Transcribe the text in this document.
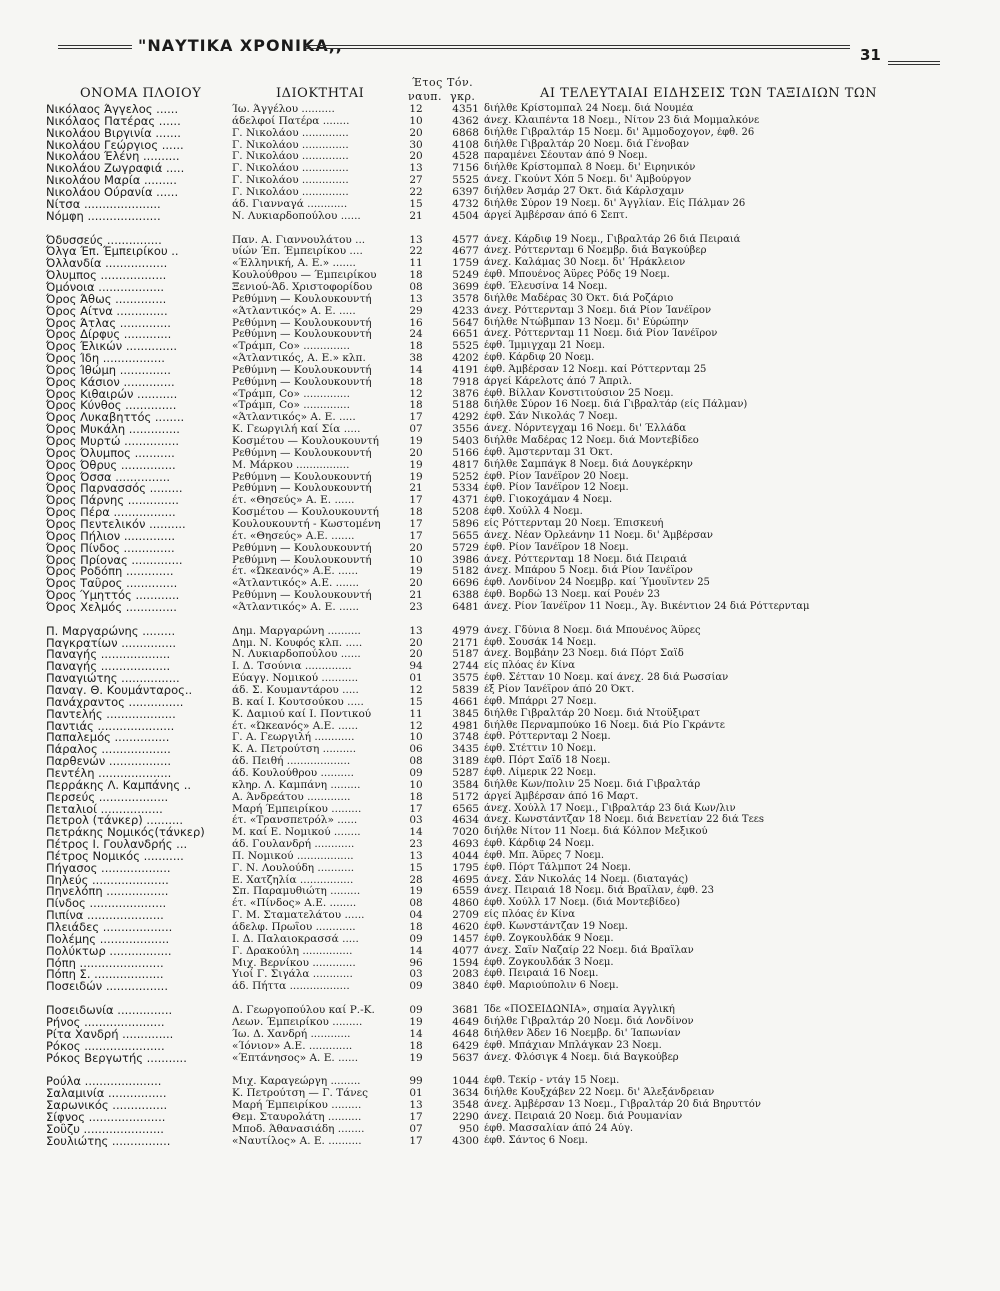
"ΝΑΥΤΙΚΑ ΧΡΟΝΙΚΑ,,	31
ΟΝΟΜΑ ΠΛΟΙΟΥ	ΙΔΙΟΚΤΗΤΑΙ
Έτος
ναυπ.
Τόν.
γκρ.	ΑΙ ΤΕΛΕΥΤΑΙΑΙ ΕΙΔΗΣΕΙΣ ΤΩΝ ΤΑΞΙΔΙΩΝ ΤΩΝ
Νικόλαος Άγγελος ......	Ίω. Άγγέλου ..........	12	4351 διήλθε Κρίστομπαλ 24 Νοεμ. διά Νουμέα
Νικόλαος Πατέρας ......	άδελφοί Πατέρα ........	10	4362 άνεχ. Κλαιπέντα 18 Νοεμ., Νίτον 23 διά Μομμαλκόνε
Νικολάου Βιργινία .......	Γ. Νικολάου ..............	20	6868 διήλθε Γιβραλτάρ 15 Νοεμ. δι' Άμμοδοχογον, έφθ. 26
Νικολάου Γεώργιος ......	Γ. Νικολάου ..............	30	4108 διήλθε Γιβραλτάρ 20 Νοεμ. διά Γένοβαν
Νικολάου Έλένη ..........	Γ. Νικολάου ..............	20	4528 παραμένει Σέουταν άπό 9 Νοεμ.
Νικολάου Ζωγραφιά .....	Γ. Νικολάου ..............	13	7156 διήλθε Κρίστομπαλ 8 Νοεμ. δι' Ειρηνικόν
Νικολάου Μαρία .........	Γ. Νικολάου ..............	27	5525 άνεχ. Γκούντ Χόπ 5 Νοεμ. δι' Άμβούργον
Νικολάου Ούρανία ......	Γ. Νικολάου ..............	22	6397 διήλθεν Άσμάρ 27 Όκτ. διά Κάρλσχαμν
Νίτσα .....................	άδ. Γιανναγά ............	15	4732 διήλθε Σύρον 19 Νοεμ. δι' Άγγλίαν. Είς Πάλμαν 26
Νόμφη ....................	Ν. Λυκιαρδοπούλου ......	21	4504 άργεί Άμβέρσαν άπό 6 Σεπτ.
Όδυσσεύς ...............	Παν. Α. Γιαννουλάτου ...	13	4577 άνεχ. Κάρδιφ 19 Νοεμ., Γιβραλτάρ 26 διά Πειραιά
Όλγα Έπ. Έμπειρίκου ..	υίών Έπ. Έμπειρίκου ....	22	4677 άνεχ. Ρόττερνταμ 6 Νοεμβρ. διά Βαγκούβερ
Όλλανδία .................	«Έλληνική, Α. Ε.» .......	11	1759 άνεχ. Καλάμας 30 Νοεμ. δι' Ήράκλειον
Όλυμπος ..................	Κουλούθρου — Έμπειρίκου	18	5249 έφθ. Μπουένος Άϋρες Ρόδς 19 Νοεμ.
Όμόνοια ..................	Ξενιού-Άδ. Χριστοφορίδου	08	3699 έφθ. Έλευσίνα 14 Νοεμ.
Όρος Άθως ..............	Ρεθύμνη — Κουλουκουντή	13	3578 διήλθε Μαδέρας 30 Όκτ. διά Ροζάριο
Όρος Αίτνα ..............	«Άτλαντικός» Α. Ε. .....	29	4233 άνεχ. Ρόττερνταμ 3 Νοεμ. διά Ρίον Ίανέϊρον
Όρος Άτλας ..............	Ρεθύμνη — Κουλουκουντή	16	5647 διήλθε Ντώβμπαν 13 Νοεμ. δι' Εύρώπην
Όρος Δίρφυς .............	Ρεθύμνη — Κουλουκουντή	24	6651 άνεχ. Ρόττερνταμ 11 Νοεμ. διά Ρίον Ίανέϊρον
Όρος Έλικών ..............	«Τράμπ, Co» ..............	18	5525 έφθ. Ίμμιγχαμ 21 Νοεμ.
Όρος Ίδη .................	«Άτλαντικός, Α. Ε.» κλπ.	38	4202 έφθ. Κάρδιφ 20 Νοεμ.
Όρος Ίθώμη ..............	Ρεθύμνη — Κουλουκουντή	14	4191 έφθ. Άμβέρσαν 12 Νοεμ. καί Ρόττερνταμ 25
Όρος Κάσιον ..............	Ρεθύμνη — Κουλουκουντή	18	7918 άργεί Κάρελοτς άπό 7 Άπριλ.
Όρος Κιθαιρών ...........	«Τράμπ, Co» ..............	12	3876 έφθ. Βίλλαν Κονστιτούσιον 25 Νοεμ.
Όρος Κύνθος ..............	«Τράμπ, Co» ..............	18	5188 διήλθε Σύρον 16 Νοεμ. διά Γιβραλτάρ (είς Πάλμαν)
Όρος Λυκαβηττός ........	«Άτλαντικός» Α. Ε. .....	17	4292 έφθ. Σάν Νικολάς 7 Νοεμ.
Όρος Μυκάλη ..............	Κ. Γεωργιλή καί Σία .....	07	3556 άνεχ. Νόρντεγχαμ 16 Νοεμ. δι' Έλλάδα
Όρος Μυρτώ ...............	Κοσμέτου — Κουλουκουντή	19	5403 διήλθε Μαδέρας 12 Νοεμ. διά Μοντεβίδεο
Όρος Όλυμπος ...........	Ρεθύμνη — Κουλουκουντή	20	5166 έφθ. Άμστερνταμ 31 Όκτ.
Όρος Όθρυς ...............	Μ. Μάρκου ................	19	4817 διήλθε Σαμπάγκ 8 Νοεμ. διά Δουγκέρκην
Όρος Όσσα ...............	Ρεθύμνη — Κουλουκουντή	19	5252 έφθ. Ρίον Ίανέϊρον 20 Νοεμ.
Όρος Παρνασσός .........	Ρεθύμνη — Κουλουκουντή	21	5334 έφθ. Ρίον Ίανέϊρον 12 Νοεμ.
Όρος Πάρνης ..............	έτ. «Θησεύς» Α. Ε. ......	17	4371 έφθ. Γιοκοχάμαν 4 Νοεμ.
Όρος Πέρα .................	Κοσμέτου — Κουλουκουντή	18	5208 έφθ. Χούλλ 4 Νοεμ.
Όρος Πεντελικόν ..........	Κουλουκουντή - Κωστομένη	17	5896 είς Ρόττερνταμ 20 Νοεμ. Έπισκευή
Όρος Πήλιον ..............	έτ. «Θησεύς» Α.Ε. .......	17	5655 άνεχ. Νέαν Όρλεάνην 11 Νοεμ. δι' Άμβέρσαν
Όρος Πίνδος ..............	Ρεθύμνη — Κουλουκουντή	20	5729 έφθ. Ρίον Ίανέϊρον 18 Νοεμ.
Όρος Πρίονας ..............	Ρεθύμνη — Κουλουκουντή	10	3986 άνεχ. Ρόττερνταμ 18 Νοεμ. διά Πειραιά
Όρος Ροδόπη .............	έτ. «Ώκεανός» Α.Ε. ......	19	5182 άνεχ. Μπάρου 5 Νοεμ. διά Ρίον Ίανέϊρον
Όρος Ταΰρος ..............	«Άτλαντικός» Α.Ε. .......	20	6696 έφθ. Λονδίνον 24 Νοεμβρ. καί Ύμουϊντεν 25
Όρος Ύμηττός ............	Ρεθύμνη — Κουλουκουντή	21	6388 έφθ. Βορδώ 13 Νοεμ. καί Ρουέν 23
Όρος Χελμός ..............	«Άτλαντικός» Α. Ε. ......	23	6481 άνεχ. Ρίον Ίανέϊρον 11 Νοεμ., Άγ. Βικέντιον 24 διά Ρόττερνταμ
Π. Μαργαρώνης .........	Δημ. Μαργαρώνη ..........	13	4979 άνεχ. Γδύνια 8 Νοεμ. διά Μπουένος Άϋρες
Παγκρατίων ...............	Δημ. Ν. Κουφός κλπ. .....	20	2171 έφθ. Σουσάκ 14 Νοεμ.
Παναγής ...................	Ν. Λυκιαρδοπούλου ......	20	5187 άνεχ. Βομβάην 23 Νοεμ. διά Πόρτ Σαΐδ
Παναγής ...................	Ι. Δ. Τσούνια ..............	94	2744 είς πλόας έν Κίνα
Παναγιώτης ................	Εύαγγ. Νομικού ...........	01	3575 έφθ. Σέτταν 10 Νοεμ. καί άνεχ. 28 διά Ρωσσίαν
Παναγ. Θ. Κουμάνταρος..	άδ. Σ. Κουμαντάρου .....	12	5839 έξ Ρίον Ίανέϊρον άπό 20 Όκτ.
Πανάχραντος ...............	Β. καί Ι. Κουτσούκου .....	15	4661 έφθ. Μπάρρι 27 Νοεμ.
Παντελής ...................	Κ. Δαμιού καί Ι. Ποντικού	11	3845 διήλθε Γιβραλτάρ 20 Νοεμ. διά Ντοΰξιρατ
Παντιάς .....................	έτ. «Ώκεανός» Α.Ε. ......	12	4981 διήλθε Περναμπούκο 16 Νοεμ. διά Ρίο Γκράντε
Παπαλεμός ...............	Γ. Α. Γεωργιλή ............	10	3748 έφθ. Ρόττερνταμ 2 Νοεμ.
Πάραλος ...................	Κ. Α. Πετρούτση ..........	06	3435 έφθ. Στέττιν 10 Νοεμ.
Παρθενών .................	άδ. Πειθή ...................	08	3189 έφθ. Πόρτ Σαΐδ 18 Νοεμ.
Πεντέλη ....................	άδ. Κουλούθρου ..........	09	5287 έφθ. Λίμερικ 22 Νοεμ.
Περράκης Λ. Καμπάνης ..	κληρ. Λ. Καμπάνη .........	10	3584 διήλθε Κων/πολιν 25 Νοεμ. διά Γιβραλτάρ
Περσεύς ...................	Α. Άνδρεάτου .............	18	5172 άργεί Άμβέρσαν άπό 16 Μαρτ.
Πεταλιοί .................	Μαρή Έμπειρίκου .........	17	6565 άνεχ. Χούλλ 17 Νοεμ., Γιβραλτάρ 23 διά Κων/λιν
Πετρολ (τάνκερ) ..........	έτ. «Τρανσπετρόλ» ......	03	4634 άνεχ. Κωνστάντζαν 18 Νοεμ. διά Βενετίαν 22 διά Τεεs
Πετράκης Νομικός(τάνκερ)	Μ. καί Ε. Νομικού ........	14	7020 διήλθε Νίτον 11 Νοεμ. διά Κόλπον Μεξικού
Πέτρος Ι. Γουλανδρής ...	άδ. Γουλανδρή ............	23	4693 έφθ. Κάρδιφ 24 Νοεμ.
Πέτρος Νομικός ...........	Π. Νομικού .................	13	4044 έφθ. Μπ. Άϋρες 7 Νοεμ.
Πήγασος ...................	Γ. Ν. Λουλούδη ...........	15	1795 έφθ. Πόρτ Τάλμποτ 24 Νοεμ.
Πηλεύς .....................	Ε. Χατζηλία ................	28	4695 άνεχ. Σάν Νικολάς 14 Νοεμ. (διαταγάς)
Πηνελόπη .................	Σπ. Παραμυθιώτη .........	19	6559 άνεχ. Πειραιά 18 Νοεμ. διά Βραΐλαν, έφθ. 23
Πίνδος .....................	έτ. «Πίνδος» Α.Ε. ........	08	4860 έφθ. Χούλλ 17 Νοεμ. (διά Μοντεβίδεο)
Πιπίνα .....................	Γ. Μ. Σταματελάτου ......	04	2709 είς πλόας έν Κίνα
Πλειάδες ...................	άδελφ. Πρωΐου ............	18	4620 έφθ. Κωνστάντζαν 19 Νοεμ.
Πολέμης ...................	Ι. Δ. Παλαιοκρασσά .....	09	1457 έφθ. Ζογκουλδάκ 9 Νοεμ.
Πολύκτωρ .................	Γ. Δρακούλη ...............	14	4077 άνεχ. Σαΐν Ναζαίρ 22 Νοεμ. διά Βραΐλαν
Πόπη .......................	Μιχ. Βερνίκου .............	96	1594 έφθ. Ζογκουλδάκ 3 Νοεμ.
Πόπη Σ. ...................	Υιοί Γ. Σιγάλα ............	03	2083 έφθ. Πειραιά 16 Νοεμ.
Ποσειδών .................	άδ. Πήττα ..................	09	3840 έφθ. Μαριούπολιν 6 Νοεμ.
Ποσειδωνία ...............	Δ. Γεωργοπούλου καί Ρ.-Κ.	09	3681 Ίδε «ΠΟΣΕΙΔΩΝΙΑ», σημαία Άγγλική
Ρήνος ......................	Λεων. Έμπειρίκου .........	19	4649 διήλθε Γιβραλτάρ 20 Νοεμ. διά Λονδίνον
Ρίτα Χανδρή ..............	Ίω. Δ. Χανδρή ............	14	4648 διήλθεν Άδεν 16 Νοεμβρ. δι' Ίαπωνίαν
Ρόκος ......................	«Ίόνιον» Α.Ε. .............	18	6429 έφθ. Μπάχιαν Μπλάγκαν 23 Νοεμ.
Ρόκος Βεργωτής ...........	«Έπτάνησος» Α. Ε. ......	19	5637 άνεχ. Φλόσιγκ 4 Νοεμ. διά Βαγκούβερ
Ρούλα .....................	Μιχ. Καραγεώργη .........	99	1044 έφθ. Τεκίρ - ντάγ 15 Νοεμ.
Σαλαμινία ................	Κ. Πετρούτση — Γ. Τάνες	01	3634 διήλθε Κουξχάβεν 22 Νοεμ. δι' Άλεξάνδρειαν
Σαρωνικός ...............	Μαρή Έμπειρίκου .........	13	3548 άνεχ. Άμβέρσαν 13 Νοεμ., Γιβραλτάρ 20 διά Βηρυττόν
Σίφνος .....................	Θεμ. Σταυρολάτη ..........	17	2290 άνεχ. Πειραιά 20 Νοεμ. διά Ρουμανίαν
Σοΰζυ ......................	Μποδ. Άθανασιάδη ........	07	950 έφθ. Μασσαλίαν άπό 24 Αύγ.
Σουλιώτης ................	«Ναυτίλος» Α. Ε. ..........	17	4300 έφθ. Σάντος 6 Νοεμ.
